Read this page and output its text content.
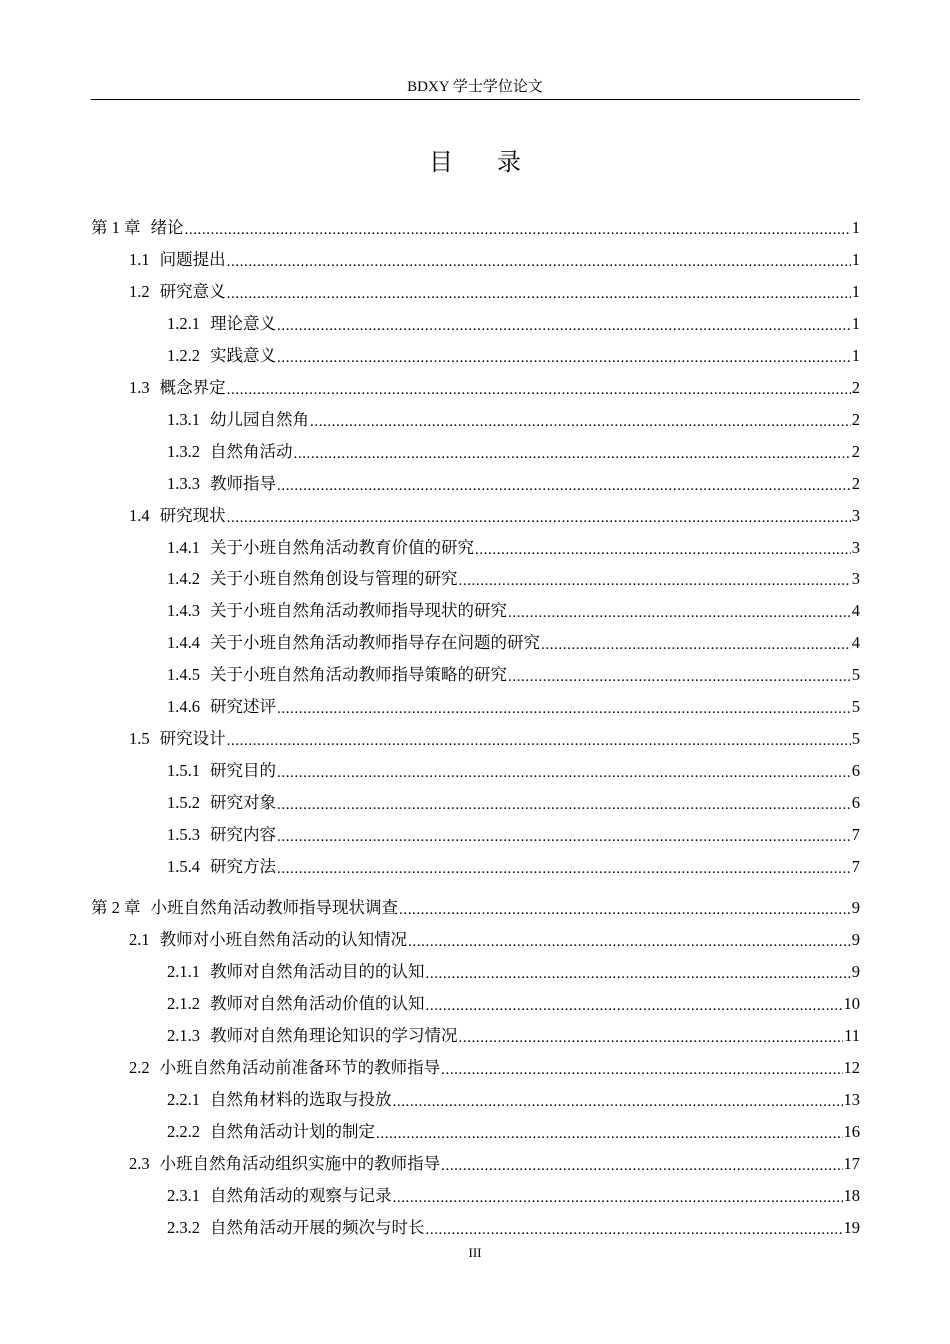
BDXY 学士学位论文
目 录
第 1 章 绪论 .....	1
1.1 问题提出 .....	1
1.2 研究意义 .....	1
1.2.1 理论意义 .....	1
1.2.2 实践意义 .....	1
1.3 概念界定 .....	2
1.3.1 幼儿园自然角 .....	2
1.3.2 自然角活动 .....	2
1.3.3 教师指导 .....	2
1.4 研究现状 .....	3
1.4.1 关于小班自然角活动教育价值的研究 .....	3
1.4.2 关于小班自然角创设与管理的研究 .....	3
1.4.3 关于小班自然角活动教师指导现状的研究 .....	4
1.4.4 关于小班自然角活动教师指导存在问题的研究 .....	4
1.4.5 关于小班自然角活动教师指导策略的研究 .....	5
1.4.6 研究述评 .....	5
1.5 研究设计 .....	5
1.5.1 研究目的 .....	6
1.5.2 研究对象 .....	6
1.5.3 研究内容 .....	7
1.5.4 研究方法 .....	7
第 2 章 小班自然角活动教师指导现状调查 .....	9
2.1 教师对小班自然角活动的认知情况 .....	9
2.1.1 教师对自然角活动目的的认知 .....	9
2.1.2 教师对自然角活动价值的认知 .....	10
2.1.3 教师对自然角理论知识的学习情况 .....	11
2.2 小班自然角活动前准备环节的教师指导 .....	12
2.2.1 自然角材料的选取与投放 .....	13
2.2.2 自然角活动计划的制定 .....	16
2.3 小班自然角活动组织实施中的教师指导 .....	17
2.3.1 自然角活动的观察与记录 .....	18
2.3.2 自然角活动开展的频次与时长 .....	19
III
